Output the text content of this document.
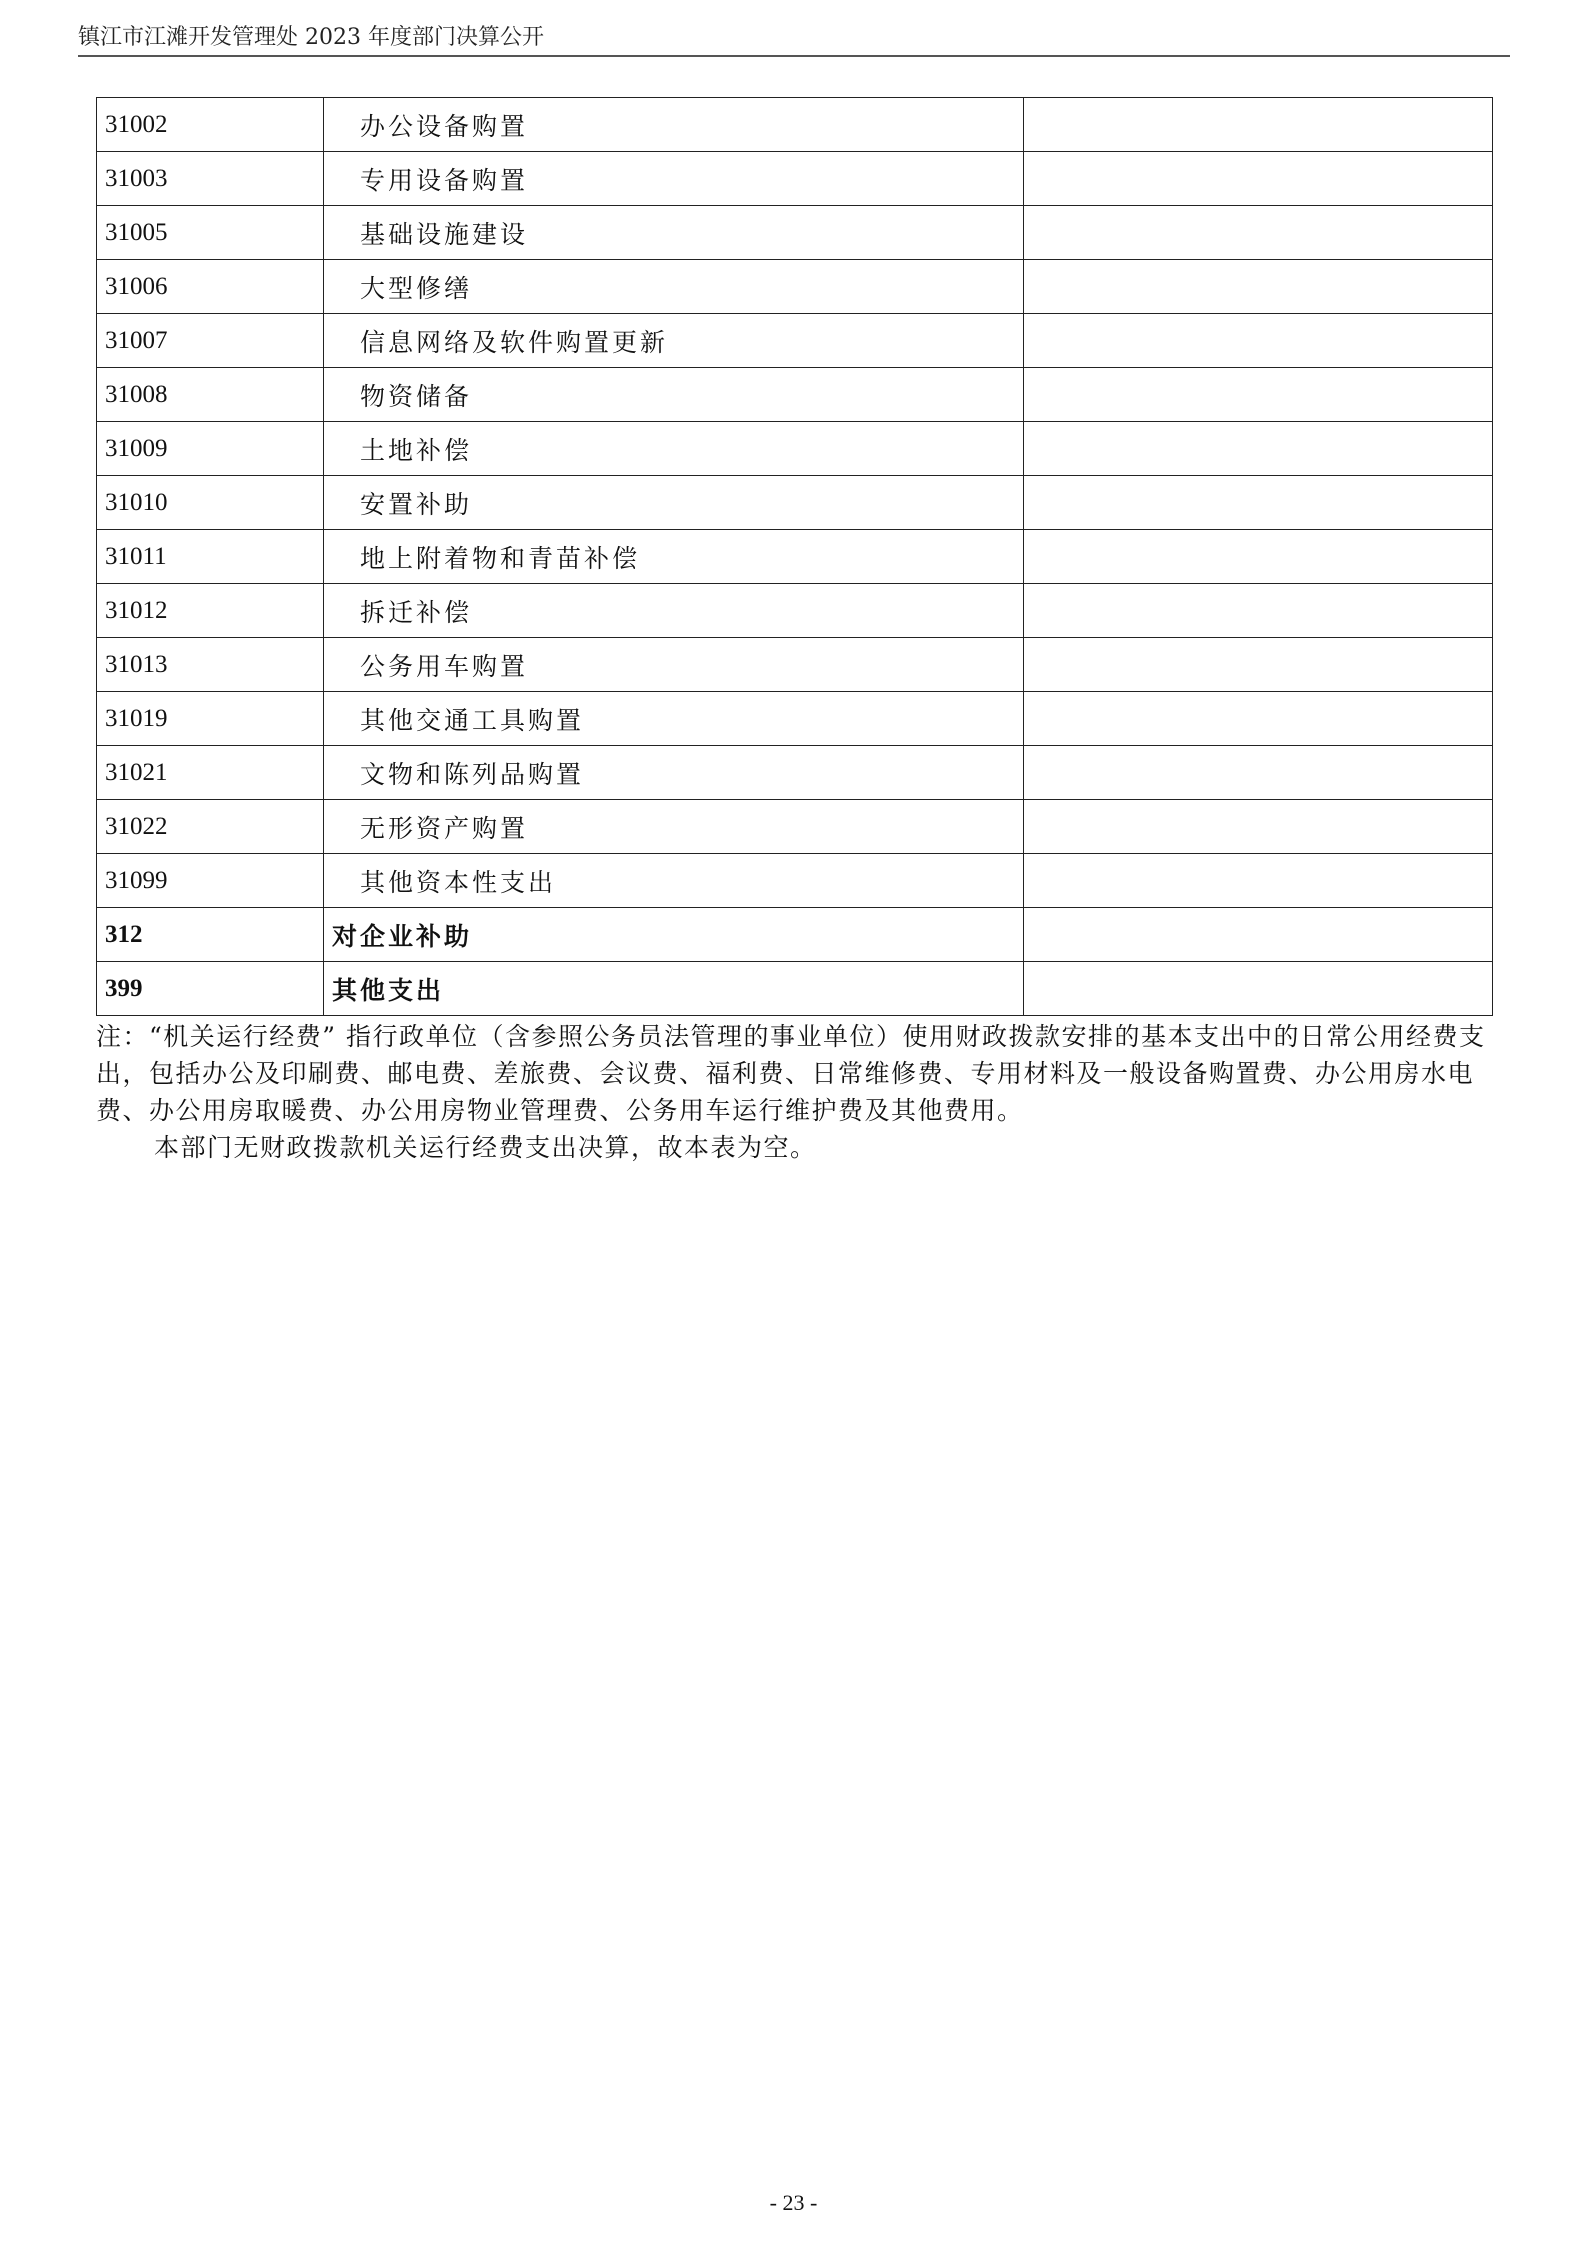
镇江市江滩开发管理处 2023 年度部门决算公开
31002	办公设备购置	
31003	专用设备购置	
31005	基础设施建设	
31006	大型修缮	
31007	信息网络及软件购置更新	
31008	物资储备	
31009	土地补偿	
31010	安置补助	
31011	地上附着物和青苗补偿	
31012	拆迁补偿	
31013	公务用车购置	
31019	其他交通工具购置	
31021	文物和陈列品购置	
31022	无形资产购置	
31099	其他资本性支出	
312	对企业补助	
399	其他支出	
注：“机关运行经费” 指行政单位（含参照公务员法管理的事业单位）使用财政拨款安排的基本支出中的日常公用经费支出，包括办公及印刷费、邮电费、差旅费、会议费、福利费、日常维修费、专用材料及一般设备购置费、办公用房水电费、办公用房取暖费、办公用房物业管理费、公务用车运行维护费及其他费用。
本部门无财政拨款机关运行经费支出决算，故本表为空。
- 23 -
